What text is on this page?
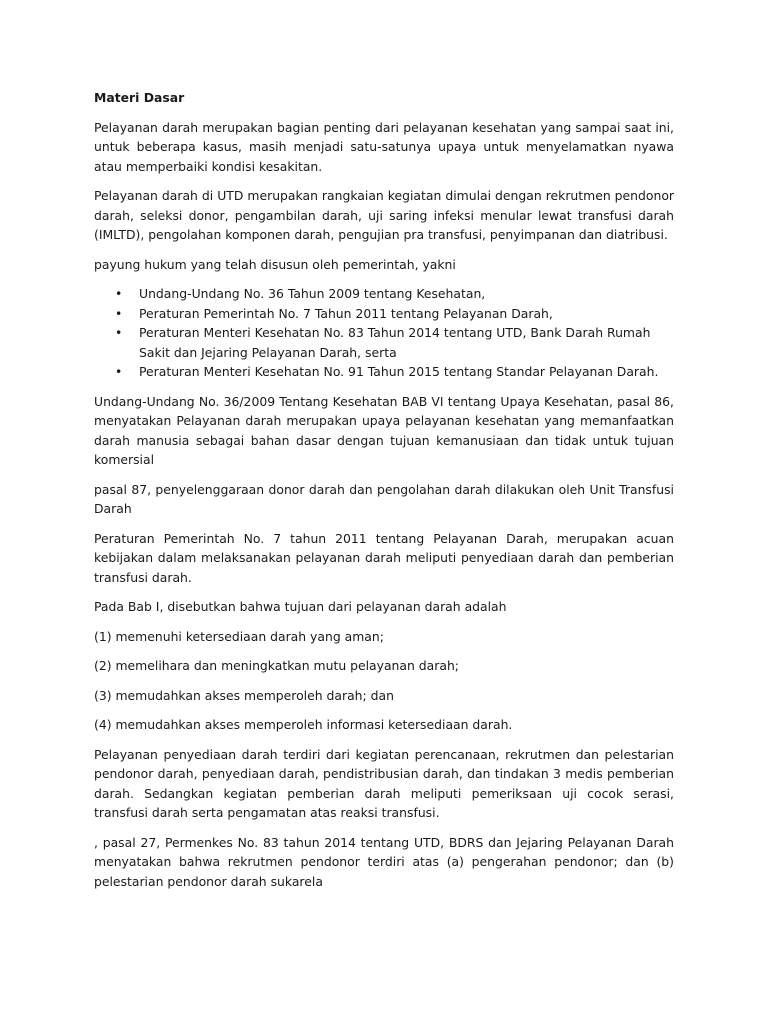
Materi Dasar

Pelayanan darah merupakan bagian penting dari pelayanan kesehatan yang sampai saat ini, untuk beberapa kasus, masih menjadi satu-satunya upaya untuk menyelamatkan nyawa atau memperbaiki kondisi kesakitan.

Pelayanan darah di UTD merupakan rangkaian kegiatan dimulai dengan rekrutmen pendonor darah, seleksi donor, pengambilan darah, uji saring infeksi menular lewat transfusi darah (IMLTD), pengolahan komponen darah, pengujian pra transfusi, penyimpanan dan diatribusi.

payung hukum yang telah disusun oleh pemerintah, yakni

• Undang-Undang No. 36 Tahun 2009 tentang Kesehatan,
• Peraturan Pemerintah No. 7 Tahun 2011 tentang Pelayanan Darah,
• Peraturan Menteri Kesehatan No. 83 Tahun 2014 tentang UTD, Bank Darah Rumah Sakit dan Jejaring Pelayanan Darah, serta
• Peraturan Menteri Kesehatan No. 91 Tahun 2015 tentang Standar Pelayanan Darah.

Undang-Undang No. 36/2009 Tentang Kesehatan BAB VI tentang Upaya Kesehatan, pasal 86, menyatakan Pelayanan darah merupakan upaya pelayanan kesehatan yang memanfaatkan darah manusia sebagai bahan dasar dengan tujuan kemanusiaan dan tidak untuk tujuan komersial

pasal 87, penyelenggaraan donor darah dan pengolahan darah dilakukan oleh Unit Transfusi Darah

Peraturan Pemerintah No. 7 tahun 2011 tentang Pelayanan Darah, merupakan acuan kebijakan dalam melaksanakan pelayanan darah meliputi penyediaan darah dan pemberian transfusi darah.

Pada Bab I, disebutkan bahwa tujuan dari pelayanan darah adalah

(1) memenuhi ketersediaan darah yang aman;
(2) memelihara dan meningkatkan mutu pelayanan darah;
(3) memudahkan akses memperoleh darah; dan
(4) memudahkan akses memperoleh informasi ketersediaan darah.

Pelayanan penyediaan darah terdiri dari kegiatan perencanaan, rekrutmen dan pelestarian pendonor darah, penyediaan darah, pendistribusian darah, dan tindakan 3 medis pemberian darah. Sedangkan kegiatan pemberian darah meliputi pemeriksaan uji cocok serasi, transfusi darah serta pengamatan atas reaksi transfusi.

, pasal 27, Permenkes No. 83 tahun 2014 tentang UTD, BDRS dan Jejaring Pelayanan Darah menyatakan bahwa rekrutmen pendonor terdiri atas (a) pengerahan pendonor; dan (b) pelestarian pendonor darah sukarela
